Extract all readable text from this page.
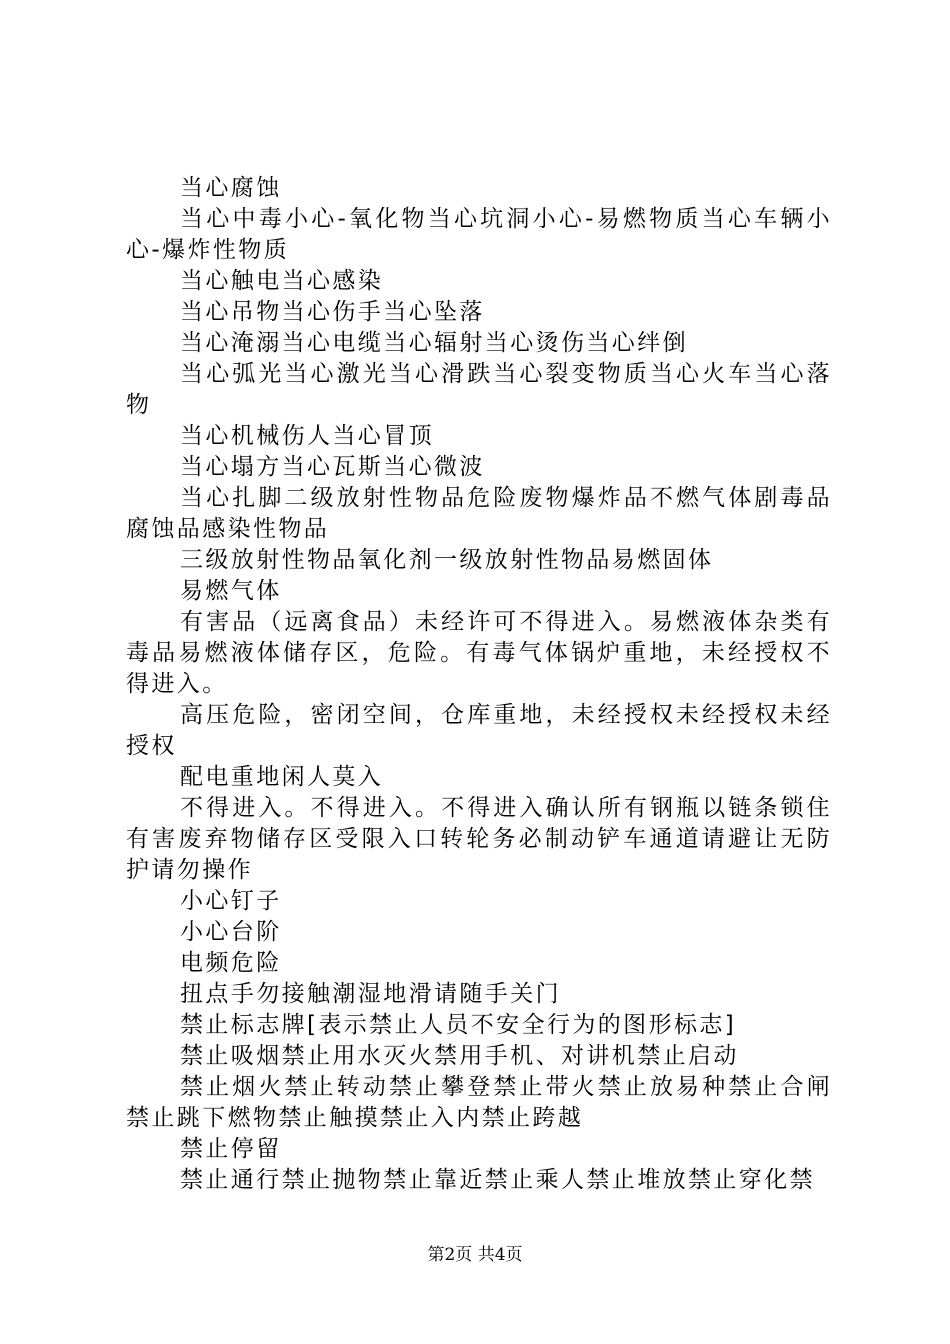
当心腐蚀

当心中毒小心-氧化物当心坑洞小心-易燃物质当心车辆小心-爆炸性物质

当心触电当心感染

当心吊物当心伤手当心坠落

当心淹溺当心电缆当心辐射当心烫伤当心绊倒

当心弧光当心激光当心滑跌当心裂变物质当心火车当心落物

当心机械伤人当心冒顶

当心塌方当心瓦斯当心微波

当心扎脚二级放射性物品危险废物爆炸品不燃气体剧毒品腐蚀品感染性物品

三级放射性物品氧化剂一级放射性物品易燃固体

易燃气体

有害品（远离食品）未经许可不得进入。易燃液体杂类有毒品易燃液体储存区，危险。有毒气体锅炉重地，未经授权不得进入。

高压危险，密闭空间，仓库重地，未经授权未经授权未经授权

配电重地闲人莫入

不得进入。不得进入。不得进入确认所有钢瓶以链条锁住有害废弃物储存区受限入口转轮务必制动铲车通道请避让无防护请勿操作

小心钉子

小心台阶

电频危险

扭点手勿接触潮湿地滑请随手关门

禁止标志牌[表示禁止人员不安全行为的图形标志]

禁止吸烟禁止用水灭火禁用手机、对讲机禁止启动

禁止烟火禁止转动禁止攀登禁止带火禁止放易种禁止合闸禁止跳下燃物禁止触摸禁止入内禁止跨越

禁止停留

禁止通行禁止抛物禁止靠近禁止乘人禁止堆放禁止穿化禁

第2页 共4页
